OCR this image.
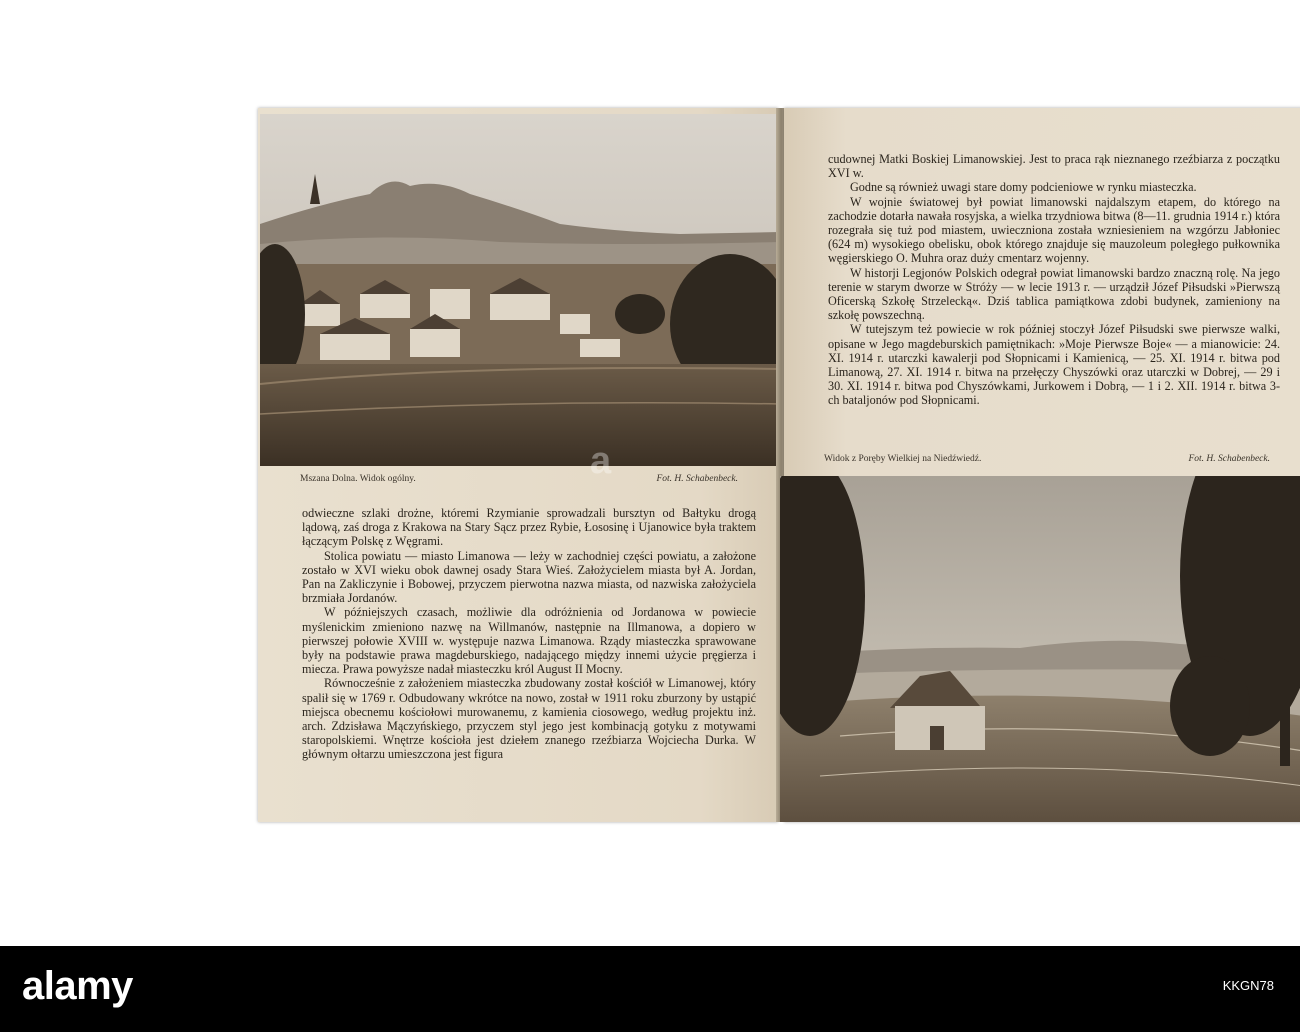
Mszana Dolna. Widok ogólny.	Fot. H. Schabenbeck.

odwieczne szlaki drożne, któremi Rzymianie sprowadzali bursztyn od Bałtyku drogą lądową, zaś droga z Krakowa na Stary Sącz przez Rybie, Łososinę i Ujanowice była traktem łączącym Polskę z Węgrami.

Stolica powiatu — miasto Limanowa — leży w zachodniej części powiatu, a założone zostało w XVI wieku obok dawnej osady Stara Wieś. Założycielem miasta był A. Jordan, Pan na Zakliczynie i Bobowej, przyczem pierwotna nazwa miasta, od nazwiska założyciela brzmiała Jordanów.

W późniejszych czasach, możliwie dla odróżnienia od Jordanowa w powiecie myślenickim zmieniono nazwę na Willmanów, następnie na Illmanowa, a dopiero w pierwszej połowie XVIII w. występuje nazwa Limanowa. Rządy miasteczka sprawowane były na podstawie prawa magdeburskiego, nadającego między innemi użycie pręgierza i miecza. Prawa powyższe nadał miasteczku król August II Mocny.

Równocześnie z założeniem miasteczka zbudowany został kościół w Limanowej, który spalił się w 1769 r. Odbudowany wkrótce na nowo, został w 1911 roku zburzony by ustąpić miejsca obecnemu kościołowi murowanemu, z kamienia ciosowego, według projektu inż. arch. Zdzisława Mączyńskiego, przyczem styl jego jest kombinacją gotyku z motywami staropolskiemi. Wnętrze kościoła jest dziełem znanego rzeźbiarza Wojciecha Durka. W głównym ołtarzu umieszczona jest figura

cudownej Matki Boskiej Limanowskiej. Jest to praca rąk nieznanego rzeźbiarza z początku XVI w.

Godne są również uwagi stare domy podcieniowe w rynku miasteczka.

W wojnie światowej był powiat limanowski najdalszym etapem, do którego na zachodzie dotarła nawała rosyjska, a wielka trzydniowa bitwa (8—11. grudnia 1914 r.) która rozegrała się tuż pod miastem, uwieczniona została wzniesieniem na wzgórzu Jabłoniec (624 m) wysokiego obelisku, obok którego znajduje się mauzoleum poległego pułkownika węgierskiego O. Muhra oraz duży cmentarz wojenny.

W historji Legjonów Polskich odegrał powiat limanowski bardzo znaczną rolę. Na jego terenie w starym dworze w Stróży — w lecie 1913 r. — urządził Józef Piłsudski »Pierwszą Oficerską Szkołę Strzelecką«. Dziś tablica pamiątkowa zdobi budynek, zamieniony na szkołę powszechną.

W tutejszym też powiecie w rok później stoczył Józef Piłsudski swe pierwsze walki, opisane w Jego magdeburskich pamiętnikach: »Moje Pierwsze Boje« — a mianowicie: 24. XI. 1914 r. utarczki kawalerji pod Słopnicami i Kamienicą, — 25. XI. 1914 r. bitwa pod Limanową, 27. XI. 1914 r. bitwa na przełęczy Chyszówki oraz utarczki w Dobrej, — 29 i 30. XI. 1914 r. bitwa pod Chyszówkami, Jurkowem i Dobrą, — 1 i 2. XII. 1914 r. bitwa 3-ch bataljonów pod Słopnicami.

Widok z Poręby Wielkiej na Niedźwiedź.	Fot. H. Schabenbeck.
a
alamy	KKGN78
